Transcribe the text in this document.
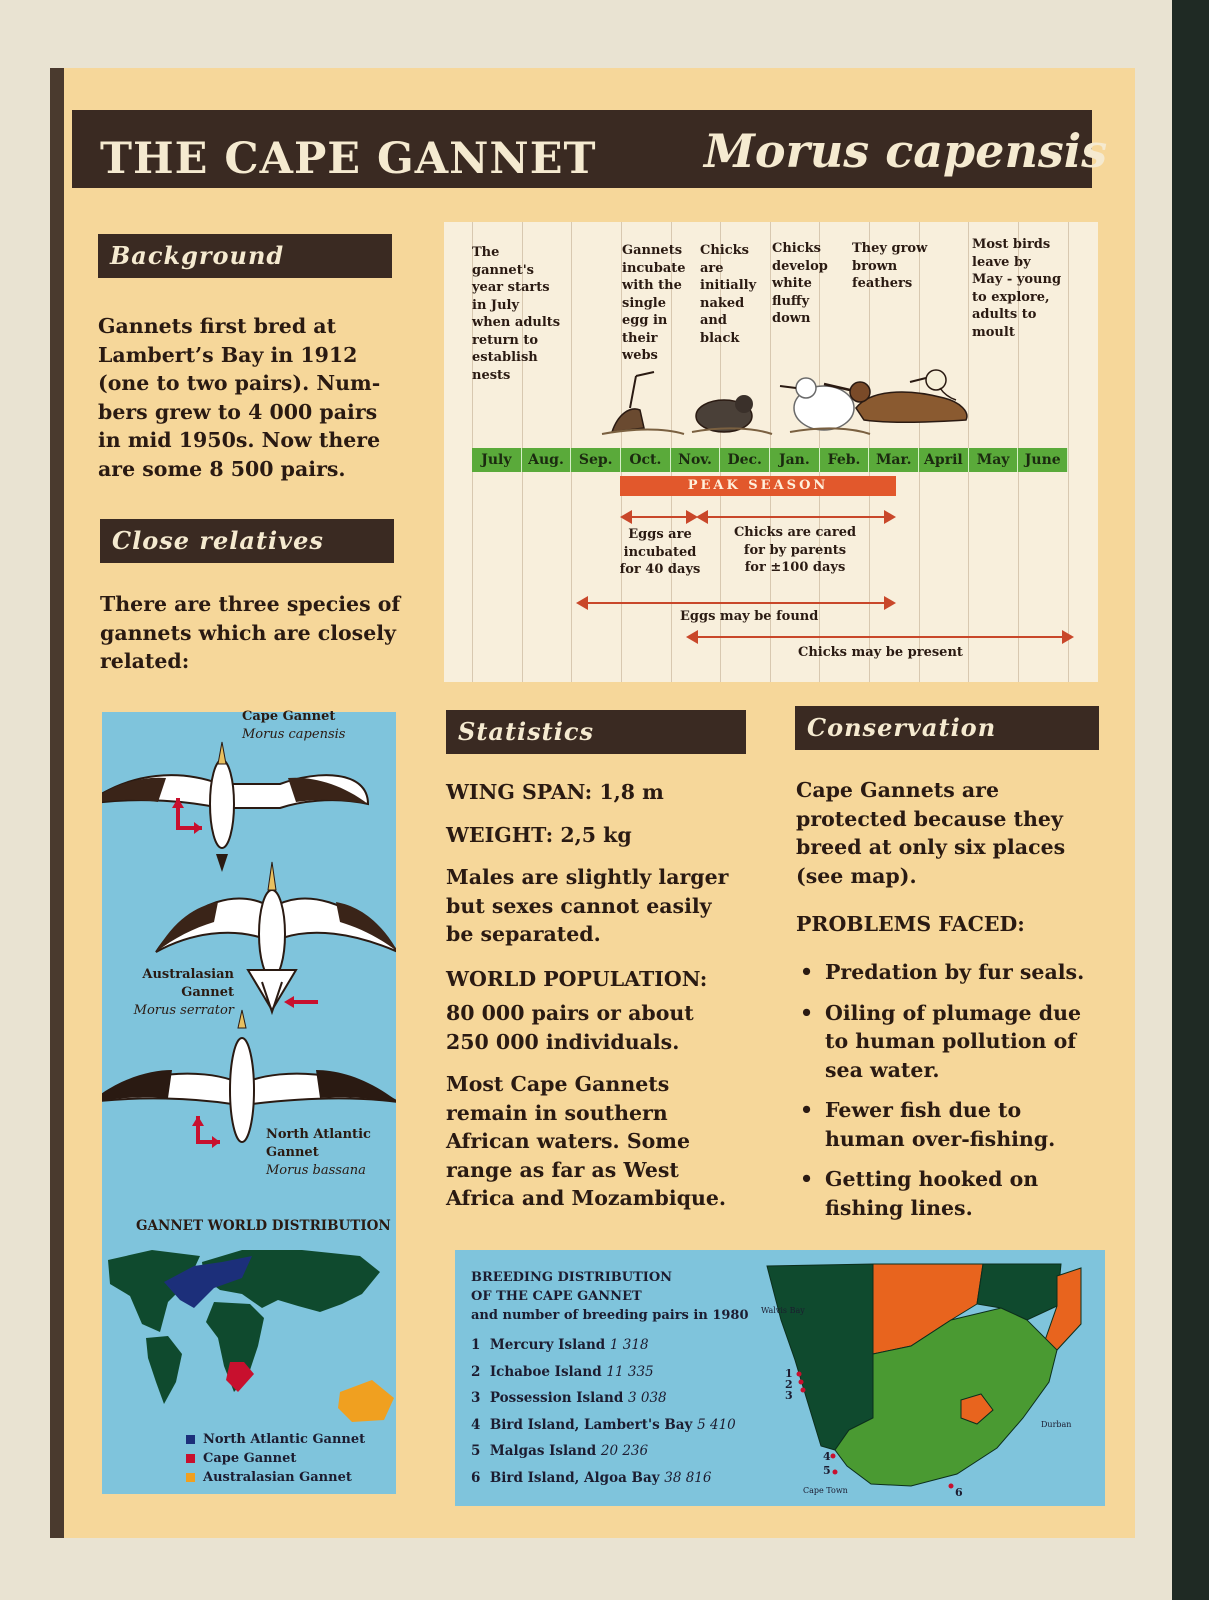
THE CAPE GANNET Morus capensis
Background

Gannets first bred at

Lambert’s Bay in 1912

(one to two pairs). Num-

bers grew to 4 000 pairs

in mid 1950s. Now there

are some 8 500 pairs.

Close relatives

There are three species of

gannets which are closely

related:

Cape Gannet
Morus capensis
Australasian Gannet
Morus serrator
North Atlantic Gannet
Morus bassana
GANNET WORLD DISTRIBUTION
North Atlantic Gannet
Cape Gannet
Australasian Gannet
The
gannet's
year starts
in July
when adults
return to
establish
nests
Gannets
incubate
with the
single
egg in
their
webs
Chicks
are
initially
naked
and
black
Chicks
develop
white
fluffy
down
They grow
brown
feathers
Most birds
leave by
May - young
to explore,
adults to
moult
July	Aug.	Sep.	Oct.	Nov.	Dec.	Jan.	Feb.	Mar. April May	June
PEAK SEASON
Eggs are
incubated
for 40 days
Chicks are cared
for by parents
for ±100 days
Eggs may be found
Chicks may be present
Statistics

WING SPAN: 1,8 m

WEIGHT: 2,5 kg

Males are slightly larger

but sexes cannot easily

be separated.

WORLD POPULATION:

80 000 pairs or about

250 000 individuals.

Most Cape Gannets

remain in southern

African waters. Some

range as far as West

Africa and Mozambique.

Conservation

Cape Gannets are

protected because they

breed at only six places

(see map).

PROBLEMS FACED:

• Predation by fur seals.
• Oiling of plumage due
to human pollution of
sea water.
• Fewer fish due to
human over-fishing.
• Getting hooked on
fishing lines.
BREEDING DISTRIBUTION
OF THE CAPE GANNET
and number of breeding pairs in 1980
1 Mercury Island 1 318
2 Ichaboe Island 11 335
3 Possession Island 3 038
4 Bird Island, Lambert's Bay 5 410
5 Malgas Island 20 236
6 Bird Island, Algoa Bay 38 816
Walvis Bay
Durban
Cape Town
1
2
3
4
5
6
